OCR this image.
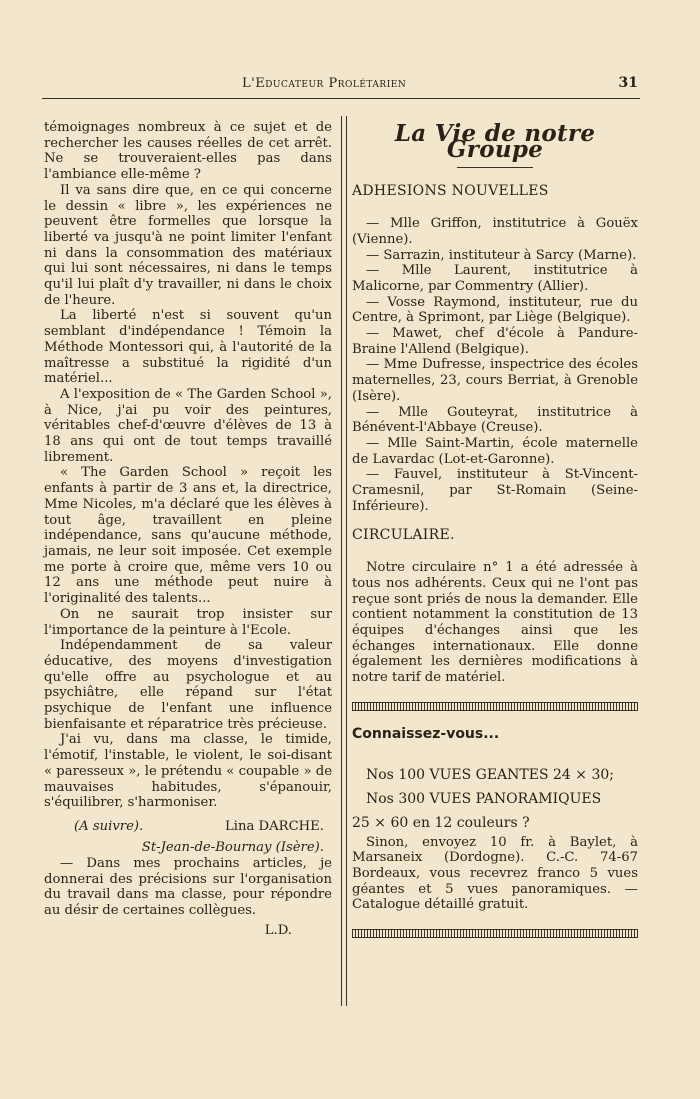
L'Educateur Prolétarien	31

témoignages nombreux à ce sujet et de rechercher les causes réelles de cet arrêt. Ne se trouveraient-elles pas dans l'ambiance elle-même ?

Il va sans dire que, en ce qui concerne le dessin « libre », les expériences ne peuvent être formelles que lorsque la liberté va jusqu'à ne point limiter l'enfant ni dans la consommation des matériaux qui lui sont nécessaires, ni dans le temps qu'il lui plaît d'y travailler, ni dans le choix de l'heure.

La liberté n'est si souvent qu'un semblant d'indépendance ! Témoin la Méthode Montessori qui, à l'autorité de la maîtresse a substitué la rigidité d'un matériel...

A l'exposition de « The Garden School », à Nice, j'ai pu voir des peintures, véritables chef-d'œuvre d'élèves de 13 à 18 ans qui ont de tout temps travaillé librement.

« The Garden School » reçoit les enfants à partir de 3 ans et, la directrice, Mme Nicoles, m'a déclaré que les élèves à tout âge, travaillent en pleine indépendance, sans qu'aucune méthode, jamais, ne leur soit imposée. Cet exemple me porte à croire que, même vers 10 ou 12 ans une méthode peut nuire à l'originalité des talents...

On ne saurait trop insister sur l'importance de la peinture à l'Ecole.

Indépendamment de sa valeur éducative, des moyens d'investigation qu'elle offre au psychologue et au psychiâtre, elle répand sur l'état psychique de l'enfant une influence bienfaisante et réparatrice très précieuse.

J'ai vu, dans ma classe, le timide, l'émotif, l'instable, le violent, le soi-disant « paresseux », le prétendu « coupable » de mauvaises habitudes, s'épanouir, s'équilibrer, s'harmoniser.

(A suivre).	Lina DARCHE.
St-Jean-de-Bournay (Isère).

— Dans mes prochains articles, je donnerai des précisions sur l'organisation du travail dans ma classe, pour répondre au désir de certaines collègues.

L.D.
La Vie de notre Groupe
ADHESIONS NOUVELLES

— Mlle Griffon, institutrice à Gouëx (Vienne).

— Sarrazin, instituteur à Sarcy (Marne).

— Mlle Laurent, institutrice à Malicorne, par Commentry (Allier).

— Vosse Raymond, instituteur, rue du Centre, à Sprimont, par Liège (Belgique).

— Mawet, chef d'école à Pandure-Braine l'Allend (Belgique).

— Mme Dufresse, inspectrice des écoles maternelles, 23, cours Berriat, à Grenoble (Isère).

— Mlle Gouteyrat, institutrice à Bénévent-l'Abbaye (Creuse).

— Mlle Saint-Martin, école maternelle de Lavardac (Lot-et-Garonne).

— Fauvel, instituteur à St-Vincent-Cramesnil, par St-Romain (Seine-Inférieure).

CIRCULAIRE.

Notre circulaire n° 1 a été adressée à tous nos adhérents. Ceux qui ne l'ont pas reçue sont priés de nous la demander. Elle contient notamment la constitution de 13 équipes d'échanges ainsi que les échanges internationaux. Elle donne également les dernières modifications à notre tarif de matériel.

Connaissez-vous...
Nos 100 VUES GEANTES 24 × 30;
Nos 300 VUES PANORAMIQUES
25 × 60 en 12 couleurs ?

Sinon, envoyez 10 fr. à Baylet, à Marsaneix (Dordogne). C.-C. 74-67 Bordeaux, vous recevrez franco 5 vues géantes et 5 vues panoramiques. — Catalogue détaillé gratuit.
